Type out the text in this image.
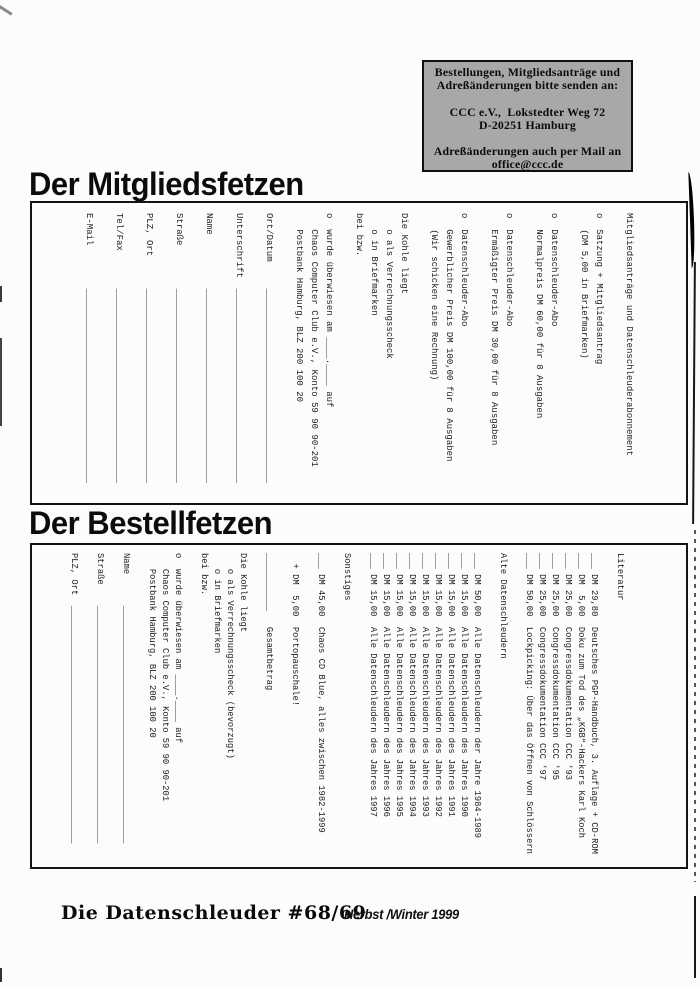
Bestellungen, Mitgliedsanträge und
Adreßänderungen bitte senden an:

CCC e.V.,  Lokstedter Weg 72
D-20251 Hamburg

Adreßänderungen auch per Mail an
office@ccc.de
Der Mitgliedsfetzen
Mitgliedsanträge und Datenschleuderabonnement

o  Satzung + Mitgliedsantrag
(DM 5,00 in Briefmarken)

o  Datenschleuder-Abo
Normalpreis DM 60,00 für 8 Ausgaben

o  Datenschleuder-Abo
Ermäßigter Preis DM 30,00 für 8 Ausgaben

o  Datenschleuder-Abo
Gewerblicher Preis DM 100,00 für 8 Ausgaben
(Wir schicken eine Rechnung)

Die Kohle liegt
o als Verrechnungsscheck
o in Briefmarken
bei bzw.

o  wurde überwiesen am ____.____ auf
Chaos Computer Club e.V., Konto 59 90 90-201
Postbank Hamburg, BLZ 200 100 20

Ort/Datum     ____________________________________

Unterschrift  ____________________________________

Name          ____________________________________

Straße        ____________________________________

PLZ, Ort      ____________________________________

Tel/Fax       ____________________________________

E-Mail        ____________________________________
Der Bestellfetzen
Literatur

___ DM 29,80  Deutsches PGP-Handbuch, 3. Auflage + CD-ROM
___ DM  5,00  Doku zum Tod des „KGB“-Hackers Karl Koch
___ DM 25,00  Congressdokumentation CCC '93
___ DM 25,00  Congressdokumentation CCC '95
___ DM 25,00  Congressdokumentation CCC '97
___ DM 50,00  Lockpicking: Über das Öffnen von Schlössern

Alte Datenschleudern

___ DM 50,00  Alle Datenschleudern der Jahre 1984-1989
___ DM 15,00  Alle Datenschleudern des Jahres 1990
___ DM 15,00  Alle Datenschleudern des Jahres 1991
___ DM 15,00  Alle Datenschleudern des Jahres 1992
___ DM 15,00  Alle Datenschleudern des Jahres 1993
___ DM 15,00  Alle Datenschleudern des Jahres 1994
___ DM 15,00  Alle Datenschleudern des Jahres 1995
___ DM 15,00  Alle Datenschleudern des Jahres 1996
___ DM 15,00  Alle Datenschleudern des Jahres 1997

Sonstiges

___ DM 45,00  Chaos CD Blue, alles zwischen 1982-1999

+ DM  5,00  Portopauschale!

___________   Gesamtbetrag

Die Kohle liegt
o als Verrechnungsscheck (bevorzugt)
o in Briefmarken
bei bzw.

o  wurde überwiesen am ____.____ auf
Chaos Computer Club e.V., Konto 59 90 90-201
Postbank Hamburg, BLZ 200 100 20

Name      _____________________________________________

Straße    _____________________________________________

PLZ, Ort  _____________________________________________
Die Datenschleuder #68/69
Herbst /Winter 1999
